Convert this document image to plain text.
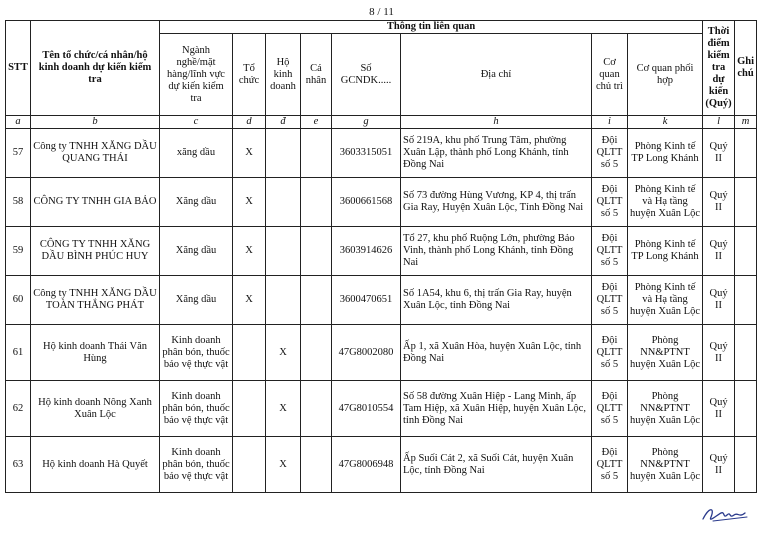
8 / 11
STT	Tên tổ chức/cá nhân/hộ kinh doanh dự kiến kiểm tra	Thông tin liên quan								Thời điểm kiểm tra dự kiến (Quý)	Ghi chú
		Ngành nghề/mặt hàng/lĩnh vực dự kiến kiểm tra	Tổ chức	Hộ kinh doanh	Cá nhân	Số GCNDK.....	Địa chỉ	Cơ quan chủ trì	Cơ quan phối hợp		
a	b	c	d	đ	e	g	h	i	k	l	m
57	Công ty TNHH XĂNG DẦU QUANG THÁI	xăng dầu	X			3603315051	Số 219A, khu phố Trung Tâm, phường Xuân Lập, thành phố Long Khánh, tỉnh Đồng Nai	Đội QLTT số 5	Phòng Kinh tế TP Long Khánh	Quý II	
58	CÔNG TY TNHH GIA BẢO	Xăng dầu	X			3600661568	Số 73 đường Hùng Vương, KP 4, thị trấn Gia Ray, Huyện Xuân Lộc, Tỉnh Đồng Nai	Đội QLTT số 5	Phòng Kinh tế và Hạ tầng huyện Xuân Lộc	Quý II	
59	CÔNG TY TNHH XĂNG DẦU BÌNH PHÚC HUY	Xăng dầu	X			3603914626	Tổ 27, khu phố Ruộng Lớn, phường Bảo Vinh, thành phố Long Khánh, tỉnh Đồng Nai	Đội QLTT số 5	Phòng Kinh tế TP Long Khánh	Quý II	
60	Công ty TNHH XĂNG DẦU TOÀN THẮNG PHÁT	Xăng dầu	X			3600470651	Số 1A54, khu 6, thị trấn Gia Ray, huyện Xuân Lộc, tỉnh Đồng Nai	Đội QLTT số 5	Phòng Kinh tế và Hạ tầng huyện Xuân Lộc	Quý II	
61	Hộ kinh doanh Thái Văn Hùng	Kinh doanh phân bón, thuốc bảo vệ thực vật		X		47G8002080	Ấp 1, xã Xuân Hòa, huyện Xuân Lộc, tỉnh Đồng Nai	Đội QLTT số 5	Phòng NN&PTNT huyện Xuân Lộc	Quý II	
62	Hộ kinh doanh Nông Xanh Xuân Lộc	Kinh doanh phân bón, thuốc bảo vệ thực vật		X		47G8010554	Số 58 đường Xuân Hiệp - Lang Minh, ấp Tam Hiệp, xã Xuân Hiệp, huyện Xuân Lộc, tỉnh Đồng Nai	Đội QLTT số 5	Phòng NN&PTNT huyện Xuân Lộc	Quý II	
63	Hộ kinh doanh Hà Quyết	Kinh doanh phân bón, thuốc bảo vệ thực vật		X		47G8006948	Ấp Suối Cát 2, xã Suối Cát, huyện Xuân Lộc, tỉnh Đồng Nai	Đội QLTT số 5	Phòng NN&PTNT huyện Xuân Lộc	Quý II	
